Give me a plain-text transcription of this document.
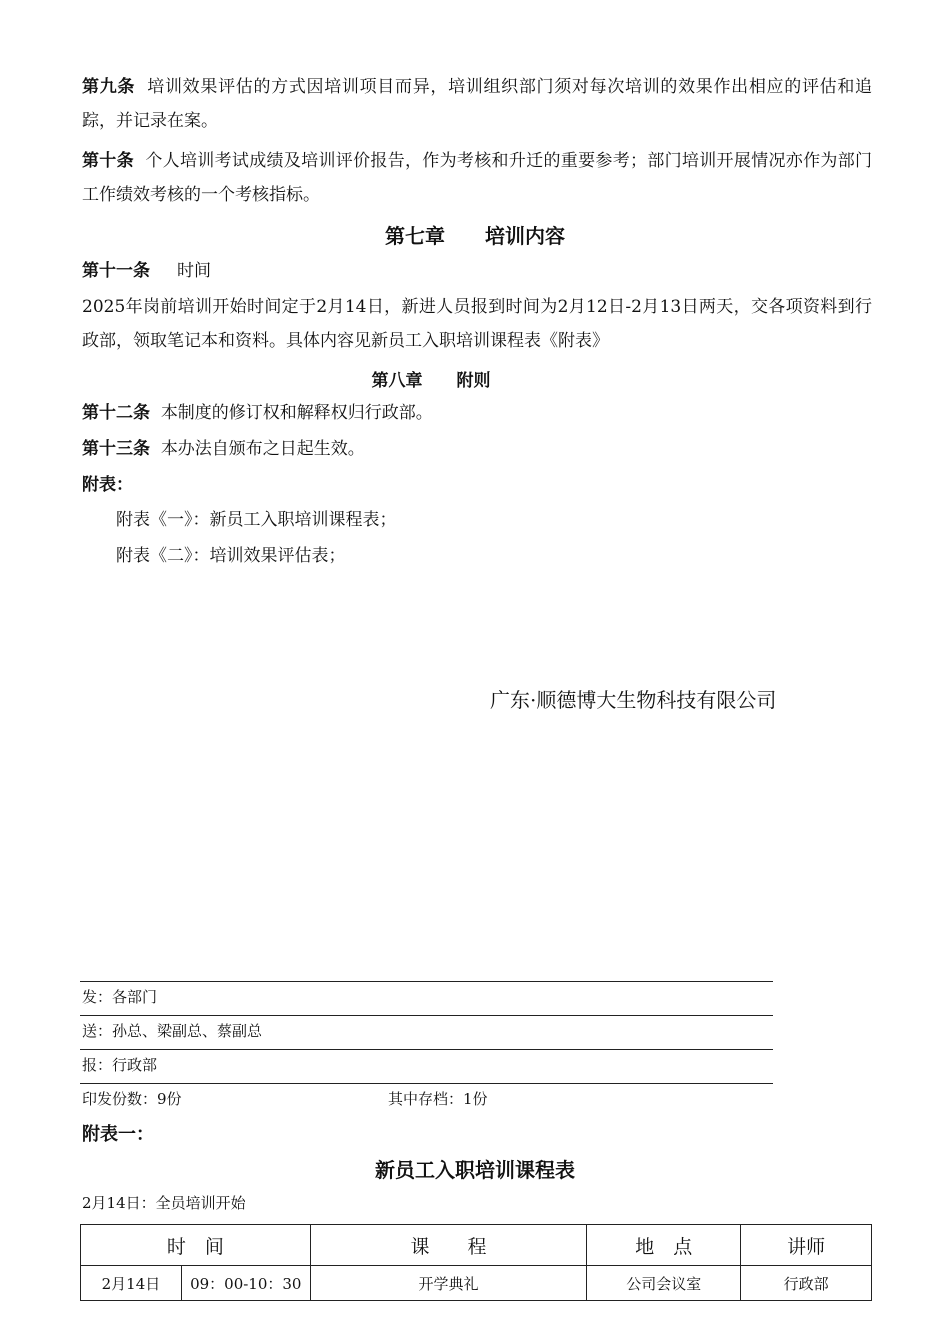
第九条 培训效果评估的方式因培训项目而异，培训组织部门须对每次培训的效果作出相应的评估和追踪，并记录在案。
第十条 个人培训考试成绩及培训评价报告，作为考核和升迁的重要参考；部门培训开展情况亦作为部门工作绩效考核的一个考核指标。
第七章　　培训内容
第十一条 时间
2025年岗前培训开始时间定于2月14日，新进人员报到时间为2月12日-2月13日两天，交各项资料到行政部，领取笔记本和资料。具体内容见新员工入职培训课程表《附表》
第八章　　附则
第十二条 本制度的修订权和解释权归行政部。
第十三条 本办法自颁布之日起生效。
附表：
附表《一》：新员工入职培训课程表；
附表《二》：培训效果评估表；
广东·顺德博大生物科技有限公司
发：各部门
送：孙总、梁副总、蔡副总
报：行政部
印发份数：9份	其中存档：1份
附表一：
新员工入职培训课程表
2月14日：全员培训开始
时　间		课　　程	地　点	讲师
2月14日	09：00-10：30	开学典礼	公司会议室	行政部
